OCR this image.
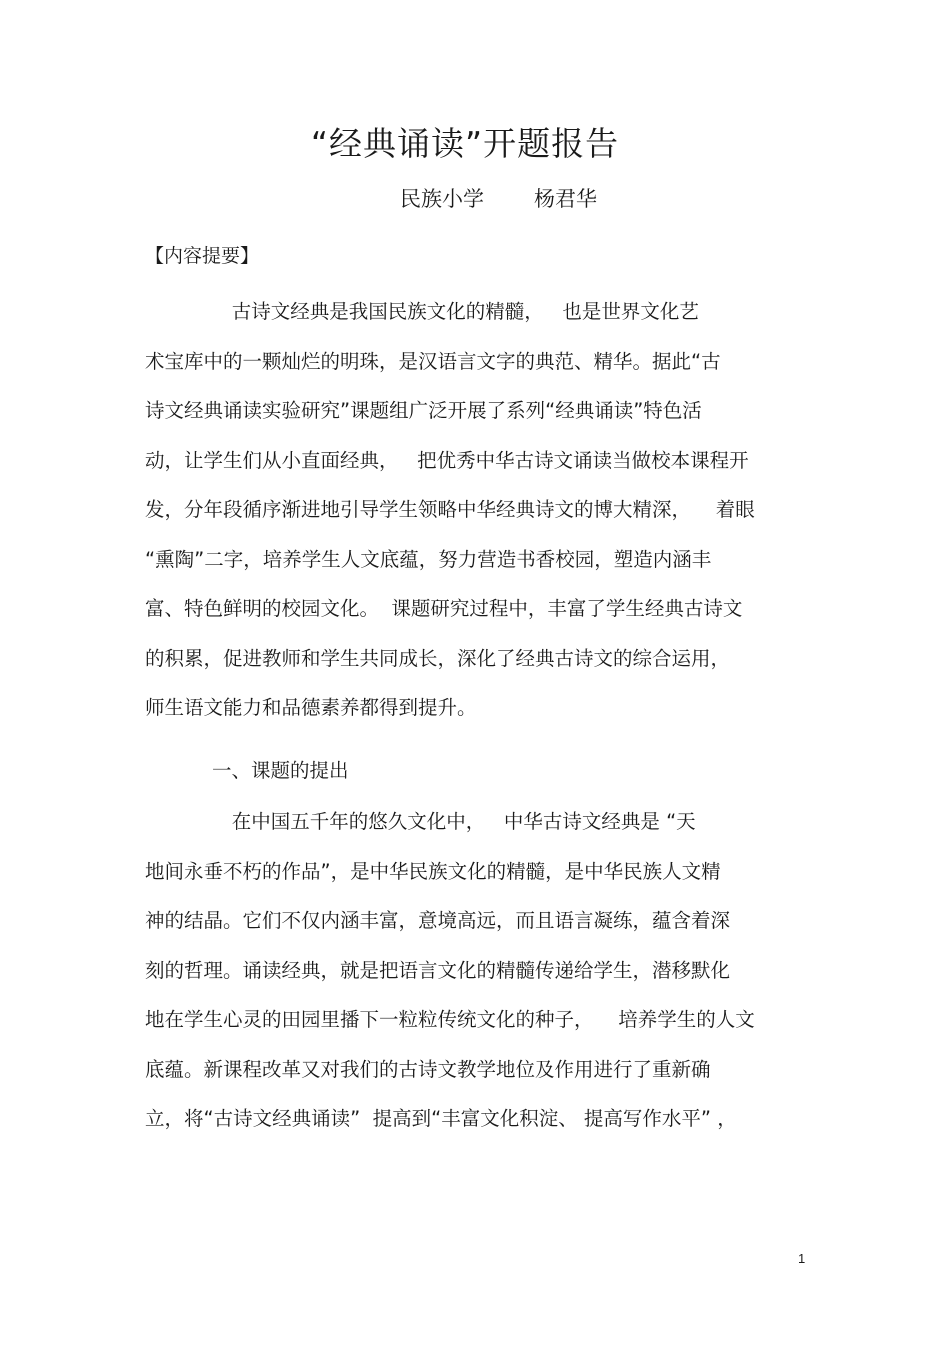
“经典诵读”开题报告
民族小学 杨君华
【内容提要】
古诗文经典是我国民族文化的精髓，   也是世界文化艺
术宝库中的一颗灿烂的明珠，是汉语言文字的典范、精华。据此“古
诗文经典诵读实验研究”课题组广泛开展了系列“经典诵读”特色活
动，让学生们从小直面经典，   把优秀中华古诗文诵读当做校本课程开
发，分年段循序渐进地引导学生领略中华经典诗文的博大精深，    着眼
“熏陶”二字，培养学生人文底蕴，努力营造书香校园，塑造内涵丰
富、特色鲜明的校园文化。  课题研究过程中，丰富了学生经典古诗文
的积累，促进教师和学生共同成长，深化了经典古诗文的综合运用，
师生语文能力和品德素养都得到提升。
一、课题的提出
在中国五千年的悠久文化中，   中华古诗文经典是 “天
地间永垂不朽的作品”，是中华民族文化的精髓，是中华民族人文精
神的结晶。它们不仅内涵丰富，意境高远，而且语言凝练，蕴含着深
刻的哲理。诵读经典，就是把语言文化的精髓传递给学生，潜移默化
地在学生心灵的田园里播下一粒粒传统文化的种子，    培养学生的人文
底蕴。新课程改革又对我们的古诗文教学地位及作用进行了重新确
立，将“古诗文经典诵读”  提高到“丰富文化积淀、 提高写作水平” ，
1
